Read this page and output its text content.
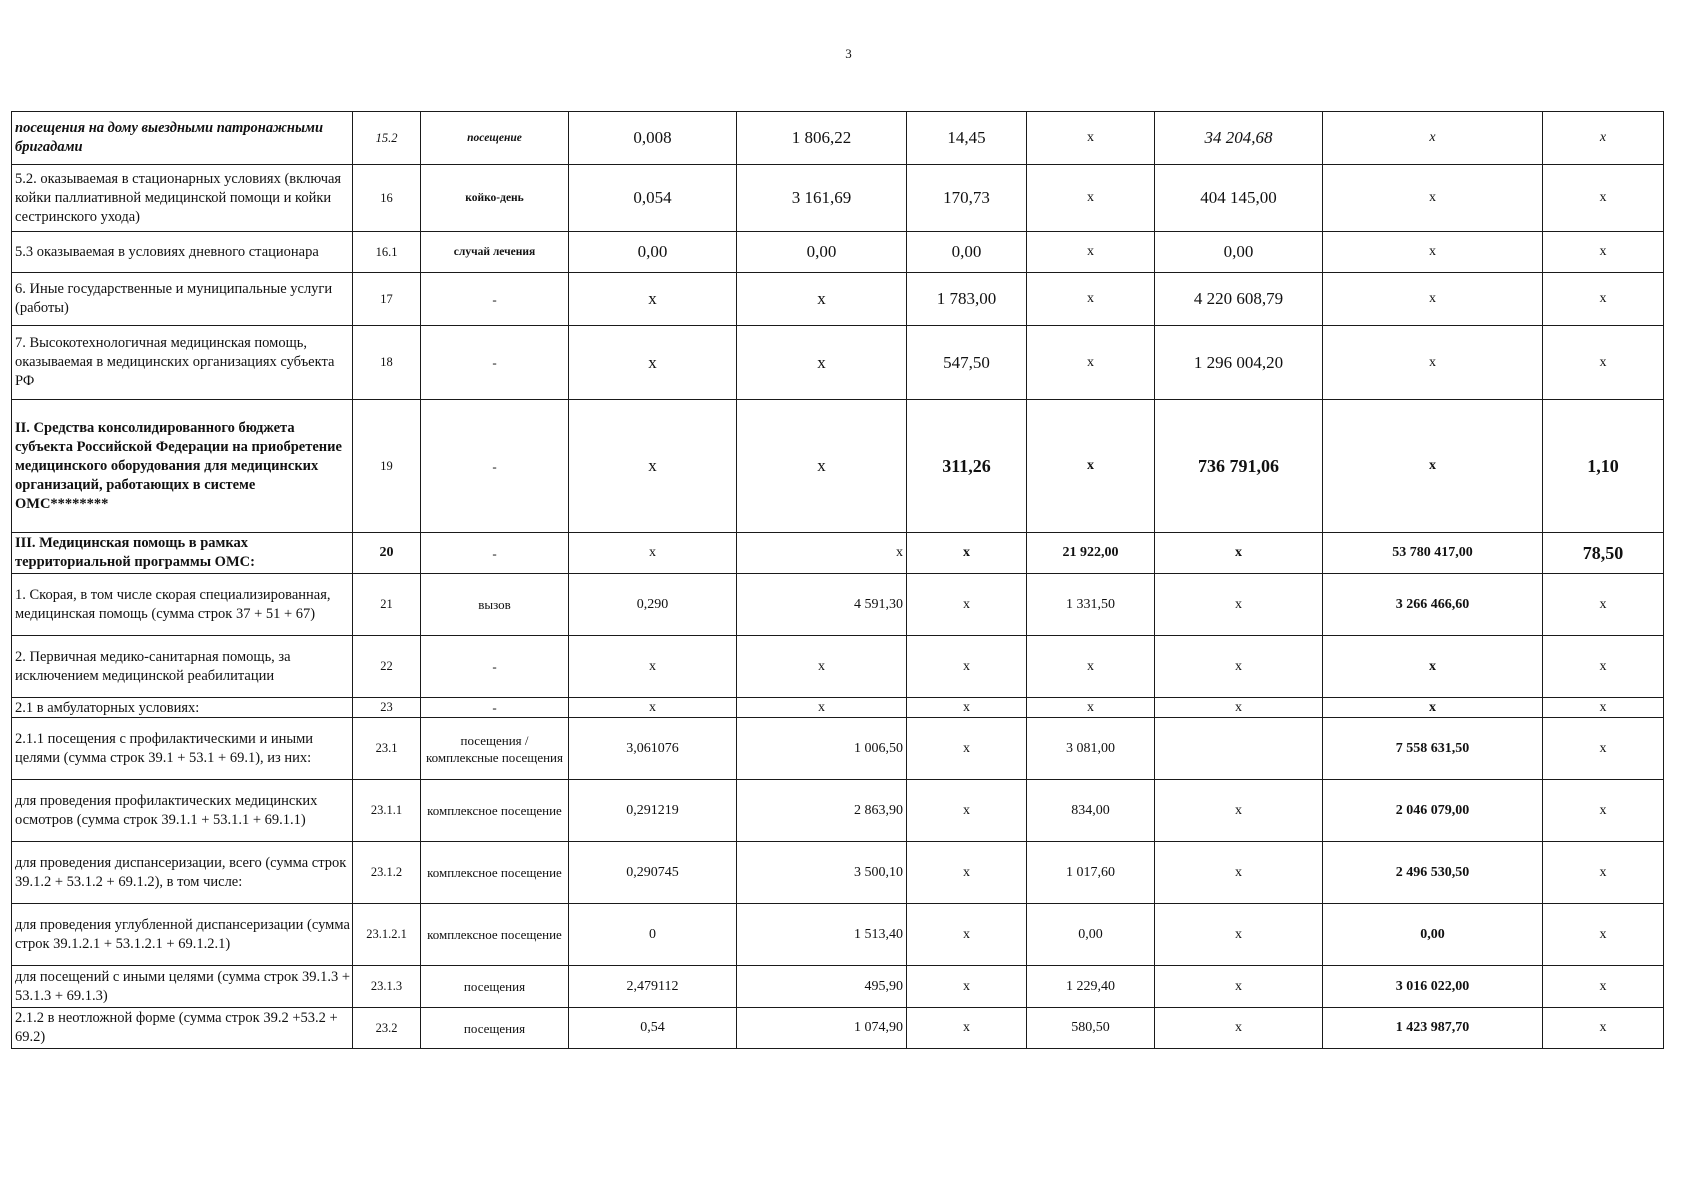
3
посещения на дому выездными патронажными бригадами	15.2	посещение	0,008	1 806,22	14,45	x	34 204,68	x	x
5.2. оказываемая в стационарных условиях (включая койки паллиативной медицинской помощи и койки сестринского ухода)	16	койко-день	0,054	3 161,69	170,73	x	404 145,00	x	x
5.3 оказываемая в условиях дневного стационара	16.1	случай лечения	0,00	0,00	0,00	x	0,00	x	x
6. Иные государственные и муниципальные услуги (работы)	17	-	x	x	1 783,00	x	4 220 608,79	x	x
7. Высокотехнологичная медицинская помощь, оказываемая в медицинских организациях субъекта РФ	18	-	x	x	547,50	x	1 296 004,20	x	x
II. Средства консолидированного бюджета субъекта Российской Федерации на приобретение медицинского оборудования для медицинских организаций, работающих в системе ОМС********	19	-	x	x	311,26	x	736 791,06	x	1,10
III. Медицинская помощь в рамках территориальной программы ОМС:	20	-	x	x	x	21 922,00	x	53 780 417,00	78,50
1. Скорая, в том числе скорая специализированная, медицинская помощь (сумма строк 37 + 51 + 67)	21	вызов	0,290	4 591,30	x	1 331,50	x	3 266 466,60	x
2. Первичная медико-санитарная помощь, за исключением медицинской реабилитации	22	-	x	x	x	x	x	x	x
2.1 в амбулаторных условиях:	23	-	x	x	x	x	x	x	x
2.1.1 посещения с профилактическими и иными целями (сумма строк 39.1 + 53.1 + 69.1), из них:	23.1	посещения / комплексные посещения	3,061076	1 006,50	x	3 081,00		7 558 631,50	x
для проведения профилактических медицинских осмотров (сумма строк 39.1.1 + 53.1.1 + 69.1.1)	23.1.1	комплексное посещение	0,291219	2 863,90	x	834,00	x	2 046 079,00	x
для проведения диспансеризации, всего (сумма строк 39.1.2 + 53.1.2 + 69.1.2), в том числе:	23.1.2	комплексное посещение	0,290745	3 500,10	x	1 017,60	x	2 496 530,50	x
для проведения углубленной диспансеризации (сумма строк 39.1.2.1 + 53.1.2.1 + 69.1.2.1)	23.1.2.1	комплексное посещение	0	1 513,40	x	0,00	x	0,00	x
для посещений с иными целями (сумма строк 39.1.3 + 53.1.3 + 69.1.3)	23.1.3	посещения	2,479112	495,90	x	1 229,40	x	3 016 022,00	x
2.1.2 в неотложной форме (сумма строк 39.2 +53.2 + 69.2)	23.2	посещения	0,54	1 074,90	x	580,50	x	1 423 987,70	x
